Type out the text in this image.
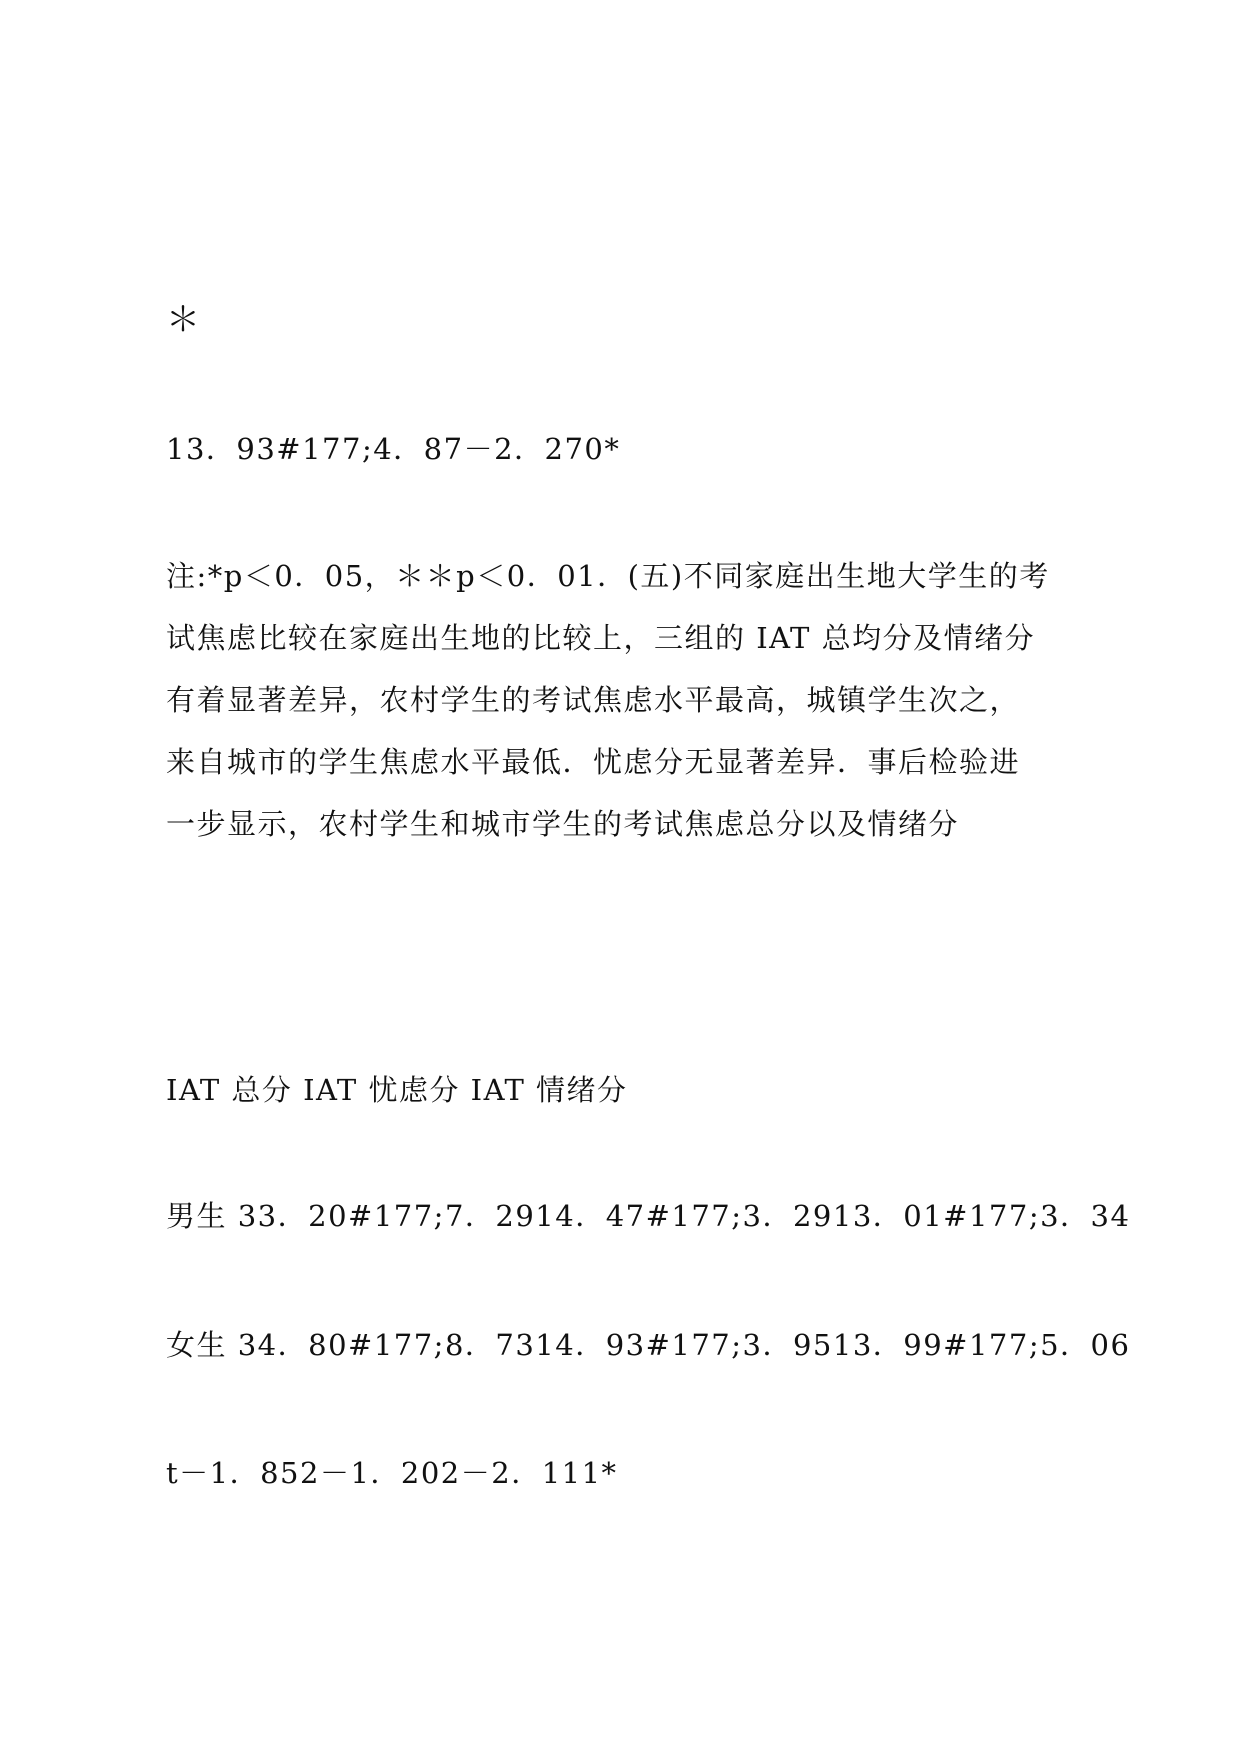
＊
13．93#177;4．87－2．270*
注:*p＜0．05，＊＊p＜0．01．(五)不同家庭出生地大学生的考
试焦虑比较在家庭出生地的比较上，三组的 IAT 总均分及情绪分
有着显著差异，农村学生的考试焦虑水平最高，城镇学生次之，
来自城市的学生焦虑水平最低．忧虑分无显著差异．事后检验进
一步显示，农村学生和城市学生的考试焦虑总分以及情绪分
IAT 总分 IAT 忧虑分 IAT 情绪分
男生 33．20#177;7．2914．47#177;3．2913．01#177;3．34
女生 34．80#177;8．7314．93#177;3．9513．99#177;5．06
t－1．852－1．202－2．111*
